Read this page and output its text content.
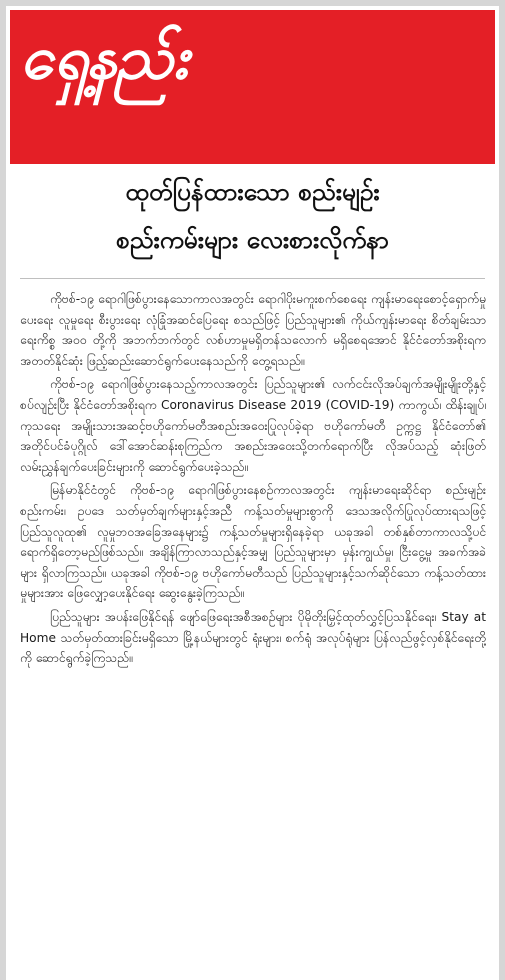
ရှေ့နည်း
ထုတ်ပြန်ထားသော စည်းမျဉ်း
စည်းကမ်းများ လေးစားလိုက်နာ

ကိုဗစ်-၁၉ ရောဂါဖြစ်ပွားနေသောကာလအတွင်း ရောဂါပိုးမကူးစက်စေရေး ကျန်းမာရေးစောင့်ရှောက်မှုပေးရေး လူမှုရေး စီးပွားရေး လုံခြုံအဆင်ပြေရေး စသည်ဖြင့် ပြည်သူများ၏ ကိုယ်ကျန်းမာရေး စိတ်ချမ်းသာရေးကိစ္စ အဝဝ တို့ကို အဘက်ဘက်တွင် လစ်ဟာမှုမရှိတန်သလောက် မရှိစေရအောင် နိုင်ငံတော်အစိုးရက အတတ်နိုင်ဆုံး ဖြည့်ဆည်းဆောင်ရွက်ပေးနေသည်ကို တွေ့ရသည်။

ကိုဗစ်-၁၉ ရောဂါဖြစ်ပွားနေသည့်ကာလအတွင်း ပြည်သူများ၏ လက်ငင်းလိုအပ်ချက်အမျိုးမျိုးတို့နှင့်စပ်လျဉ်းပြီး နိုင်ငံတော်အစိုးရက Coronavirus Disease 2019 (COVID-19) ကာကွယ်၊ ထိန်းချုပ်၊ ကုသရေး အမျိုးသားအဆင့်ဗဟိုကော်မတီအစည်းအဝေးပြုလုပ်ခဲ့ရာ ဗဟိုကော်မတီ ဥက္ကဋ္ဌ နိုင်ငံတော်၏ အတိုင်ပင်ခံပုဂ္ဂိုလ် ဒေါ်အောင်ဆန်းစုကြည်က အစည်းအဝေးသို့တက်ရောက်ပြီး လိုအပ်သည့် ဆုံးဖြတ်လမ်းညွှန်ချက်ပေးခြင်းများကို ဆောင်ရွက်ပေးခဲ့သည်။

မြန်မာနိုင်ငံတွင် ကိုဗစ်-၁၉ ရောဂါဖြစ်ပွားနေစဉ်ကာလအတွင်း ကျန်းမာရေးဆိုင်ရာ စည်းမျဉ်း စည်းကမ်း၊ ဥပဒေ သတ်မှတ်ချက်များနှင့်အညီ ကန့်သတ်မှုများစွာကို ဒေသအလိုက်ပြုလုပ်ထားရသဖြင့် ပြည်သူလူထု၏ လူမှုဘဝအခြေအနေများ၌ ကန့်သတ်မှုများရှိနေခဲ့ရာ ယခုအခါ တစ်နှစ်တာကာလသို့ပင် ရောက်ရှိတော့မည်ဖြစ်သည်။ အချိန်ကြာလာသည်နှင့်အမျှ ပြည်သူများမှာ မှန်းကျွယ်မှု၊ ငြီးငွေ့မှု အခက်အခဲများ ရှိလာကြသည်။ ယခုအခါ ကိုဗစ်-၁၉ ဗဟိုကော်မတီသည် ပြည်သူများနှင့်သက်ဆိုင်သော ကန့်သတ်ထားမှုများအား ဖြေလျှော့ပေးနိုင်ရေး ဆွေးနွေးခဲ့ကြသည်။

ပြည်သူများ အပန်းဖြေနိုင်ရန် ဖျော်ဖြေရေးအစီအစဉ်များ ပိုမိုတိုးမြှင့်ထုတ်လွှင့်ပြသနိုင်ရေး၊ Stay at Home သတ်မှတ်ထားခြင်းမရှိသော မြို့နယ်များတွင် ရုံးများ၊ စက်ရုံ အလုပ်ရုံများ ပြန်လည်ဖွင့်လှစ်နိုင်ရေးတို့ကို ဆောင်ရွက်ခဲ့ကြသည်။
